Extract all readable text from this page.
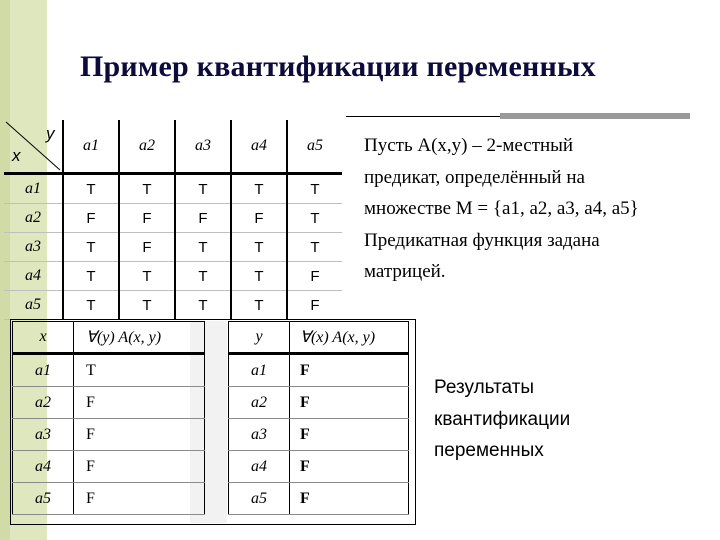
Пример квантификации переменных
y
x	a1	a2	a3	a4	a5
a1	T	T	T	T	T
a2	F	F	F	F	T
a3	T	F	T	T	T
a4	T	T	T	T	F
a5	T	T	T	T	F

Пусть A(x,y) – 2-местный

предикат, определённый на

множестве М = {a1, a2, a3, a4, a5}

Предикатная функция задана

матрицей.

x	∀(y) A(x, y)
a1	T
a2	F
a3	F
a4	F
a5	F
y	∀(x) A(x, y)
a1	F
a2	F
a3	F
a4	F
a5	F

Результаты

квантификации

переменных
